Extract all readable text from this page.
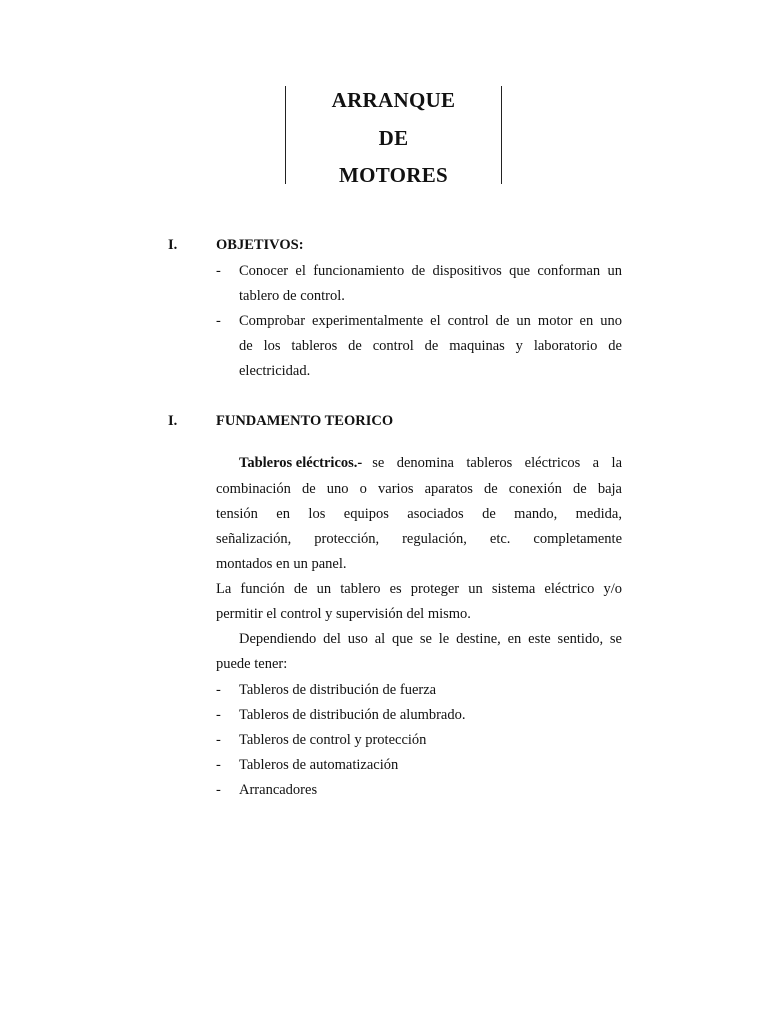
ARRANQUE
DE
MOTORES
I.	OBJETIVOS:
- Conocer el funcionamiento de dispositivos que conforman un
tablero de control.
- Comprobar experimentalmente el control de un motor en uno
de los tableros de control de maquinas y laboratorio de
electricidad.
I.	FUNDAMENTO TEORICO
Tableros eléctricos.- se denomina tableros eléctricos a la
combinación de uno o varios aparatos de conexión de baja
tensión en los equipos asociados de mando, medida,
señalización, protección, regulación, etc. completamente
montados en un panel.
La función de un tablero es proteger un sistema eléctrico y/o
permitir el control y supervisión del mismo.
Dependiendo del uso al que se le destine, en este sentido, se
puede tener:
- Tableros de distribución de fuerza
- Tableros de distribución de alumbrado.
- Tableros de control y protección
- Tableros de automatización
- Arrancadores
